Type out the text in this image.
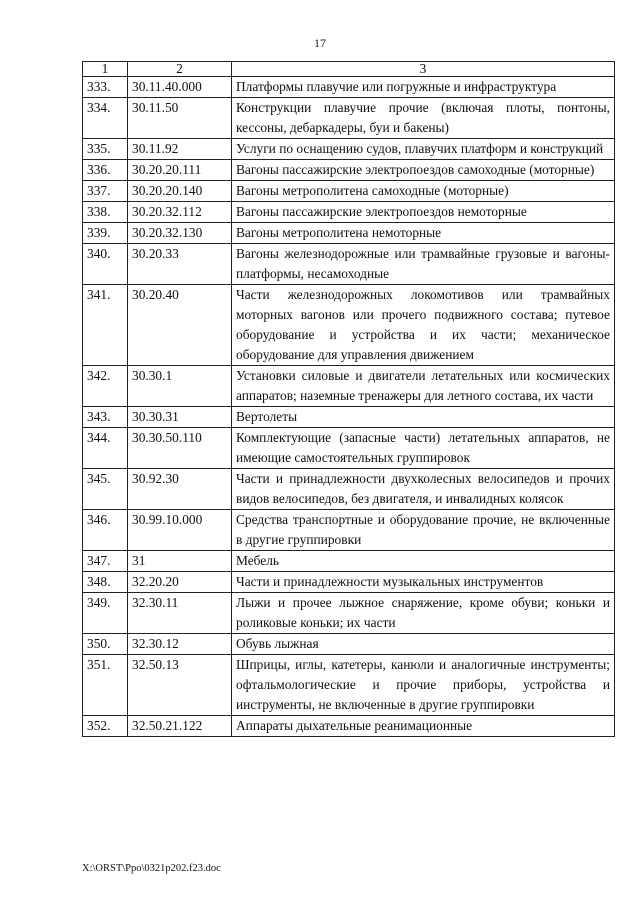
17
1	2	3
333.	30.11.40.000	Платформы плавучие или погружные и инфраструктура
334.	30.11.50	Конструкции плавучие прочие (включая плоты, понтоны, кессоны, дебаркадеры, буи и бакены)
335.	30.11.92	Услуги по оснащению судов, плавучих платформ и конструкций
336.	30.20.20.111	Вагоны пассажирские электропоездов самоходные (моторные)
337.	30.20.20.140	Вагоны метрополитена самоходные (моторные)
338.	30.20.32.112	Вагоны пассажирские электропоездов немоторные
339.	30.20.32.130	Вагоны метрополитена немоторные
340.	30.20.33	Вагоны железнодорожные или трамвайные грузовые и вагоны-платформы, несамоходные
341.	30.20.40	Части железнодорожных локомотивов или трамвайных моторных вагонов или прочего подвижного состава; путевое оборудование и устройства и их части; механическое оборудование для управления движением
342.	30.30.1	Установки силовые и двигатели летательных или космических аппаратов; наземные тренажеры для летного состава, их части
343.	30.30.31	Вертолеты
344.	30.30.50.110	Комплектующие (запасные части) летательных аппаратов, не имеющие самостоятельных группировок
345.	30.92.30	Части и принадлежности двухколесных велосипедов и прочих видов велосипедов, без двигателя, и инвалидных колясок
346.	30.99.10.000	Средства транспортные и оборудование прочие, не включенные в другие группировки
347.	31	Мебель
348.	32.20.20	Части и принадлежности музыкальных инструментов
349.	32.30.11	Лыжи и прочее лыжное снаряжение, кроме обуви; коньки и роликовые коньки; их части
350.	32.30.12	Обувь лыжная
351.	32.50.13	Шприцы, иглы, катетеры, канюли и аналогичные инструменты; офтальмологические и прочие приборы, устройства и инструменты, не включенные в другие группировки
352.	32.50.21.122	Аппараты дыхательные реанимационные
X:\ORST\Ppo\0321p202.f23.doc
